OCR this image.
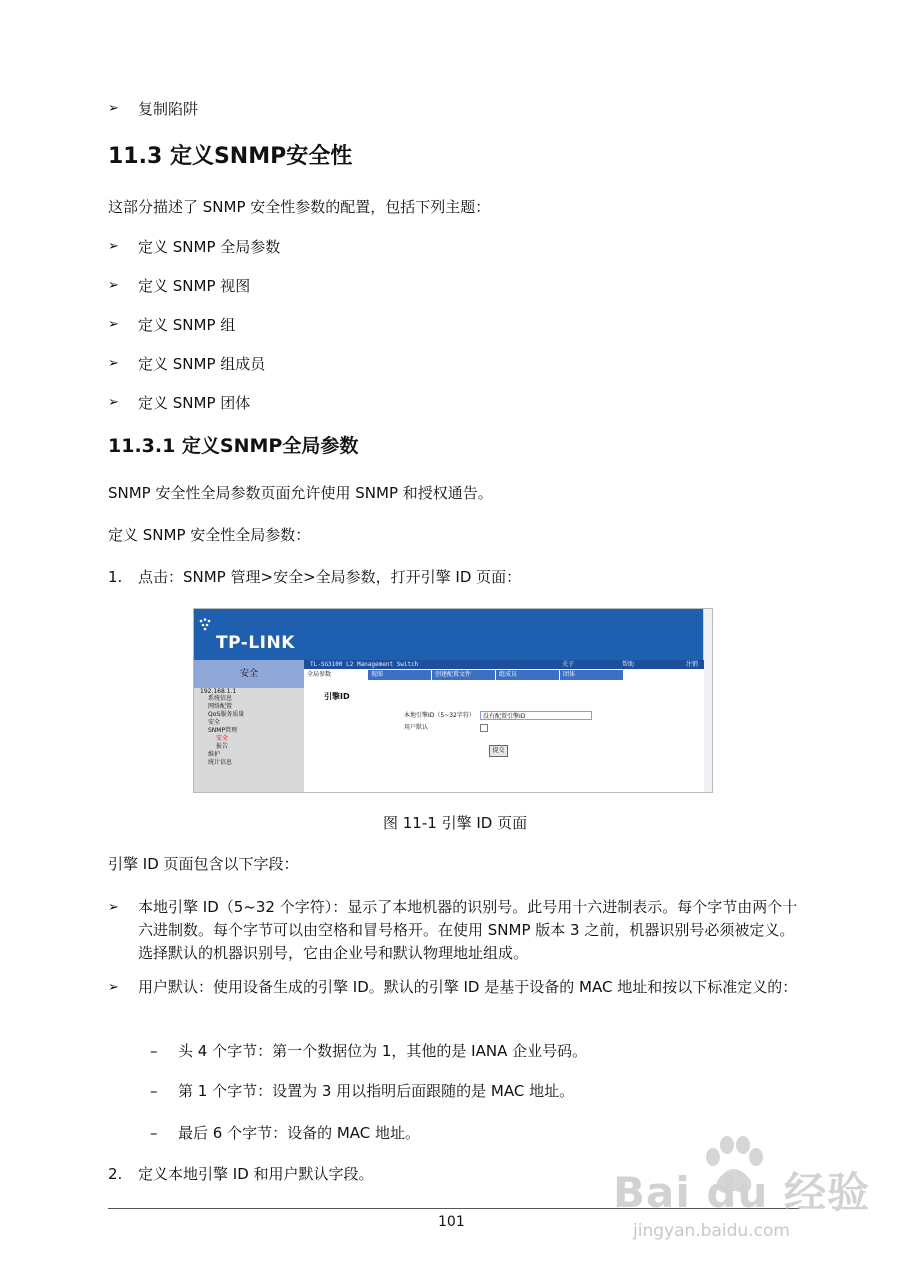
➢ 复制陷阱
11.3 定义SNMP安全性
这部分描述了 SNMP 安全性参数的配置，包括下列主题：
➢ 定义 SNMP 全局参数
➢ 定义 SNMP 视图
➢ 定义 SNMP 组
➢ 定义 SNMP 组成员
➢ 定义 SNMP 团体
11.3.1 定义SNMP全局参数
SNMP 安全性全局参数页面允许使用 SNMP 和授权通告。
定义 SNMP 安全性全局参数：
1. 点击：SNMP 管理>安全>全局参数，打开引擎 ID 页面：
TP-LINK
安全
TL-SG3100 L2 Management Switch	关于	帮助	注销
全局参数	视图	创建配置文件	组成员	团体
192.168.1.1
系统信息
网络配置
QoS服务质量
安全
SNMP管理
安全
报告
维护
统计信息
引擎ID
本地引擎ID（5~32字符）	没有配置引擎ID
用户默认
提交
图 11-1 引擎 ID 页面
引擎 ID 页面包含以下字段：
➢ 本地引擎 ID（5~32 个字符）：显示了本地机器的识别号。此号用十六进制表示。每个字节由两个十六进制数。每个字节可以由空格和冒号格开。在使用 SNMP 版本 3 之前，机器识别号必须被定义。选择默认的机器识别号，它由企业号和默认物理地址组成。
➢ 用户默认：使用设备生成的引擎 ID。默认的引擎 ID 是基于设备的 MAC 地址和按以下标准定义的：
– 头 4 个字节：第一个数据位为 1，其他的是 IANA 企业号码。
– 第 1 个字节：设置为 3 用以指明后面跟随的是 MAC 地址。
– 最后 6 个字节：设备的 MAC 地址。
2. 定义本地引擎 ID 和用户默认字段。
101
Bai du 经验
jingyan.baidu.com
